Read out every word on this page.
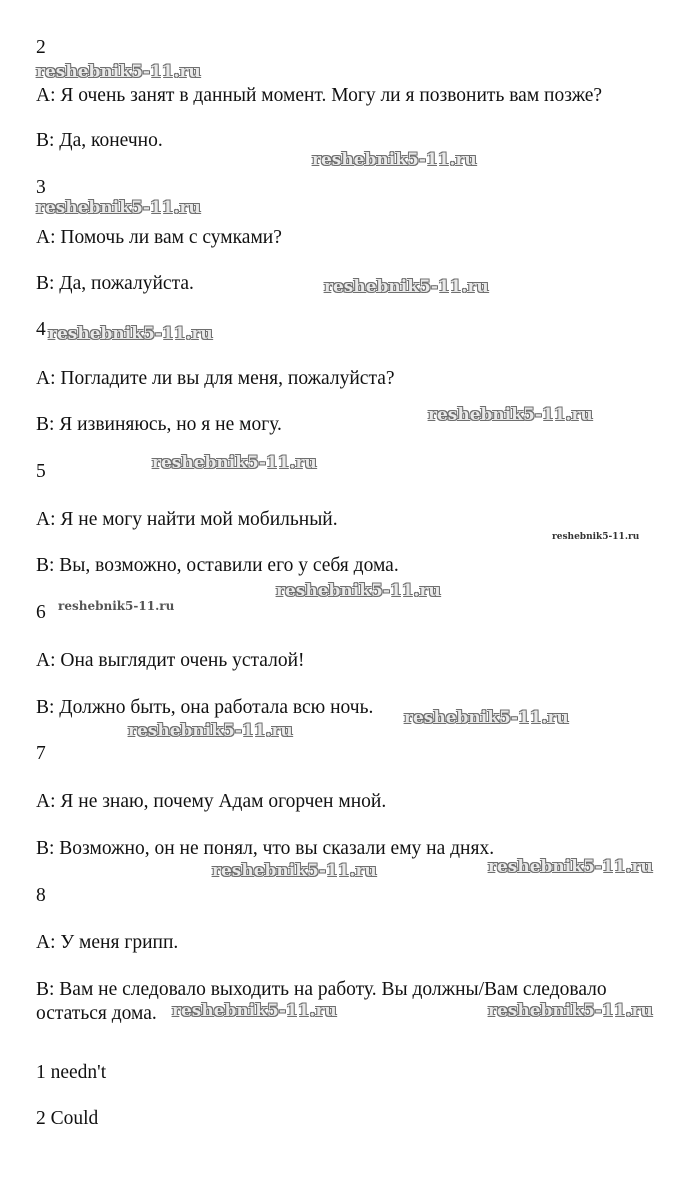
2

A: Я очень занят в данный момент. Могу ли я позвонить вам позже?

B: Да, конечно.

3

A: Помочь ли вам с сумками?

B: Да, пожалуйста.

4

A: Погладите ли вы для меня, пожалуйста?

B: Я извиняюсь, но я не могу.

5

A: Я не могу найти мой мобильный.

B: Вы, возможно, оставили его у себя дома.

6

A: Она выглядит очень усталой!

B: Должно быть, она работала всю ночь.

7

A: Я не знаю, почему Адам огорчен мной.

B: Возможно, он не понял, что вы сказали ему на днях.

8

A: У меня грипп.

B: Вам не следовало выходить на работу. Вы должны/Вам следовало остаться дома.

1 needn't

2 Could

reshebnik5-11.ru

reshebnik5-11.ru

reshebnik5-11.ru

reshebnik5-11.ru

reshebnik5-11.ru

reshebnik5-11.ru

reshebnik5-11.ru

reshebnik5-11.ru

reshebnik5-11.ru

reshebnik5-11.ru

reshebnik5-11.ru

reshebnik5-11.ru

reshebnik5-11.ru	reshebnik5-11.ru

reshebnik5-11.ru	reshebnik5-11.ru
